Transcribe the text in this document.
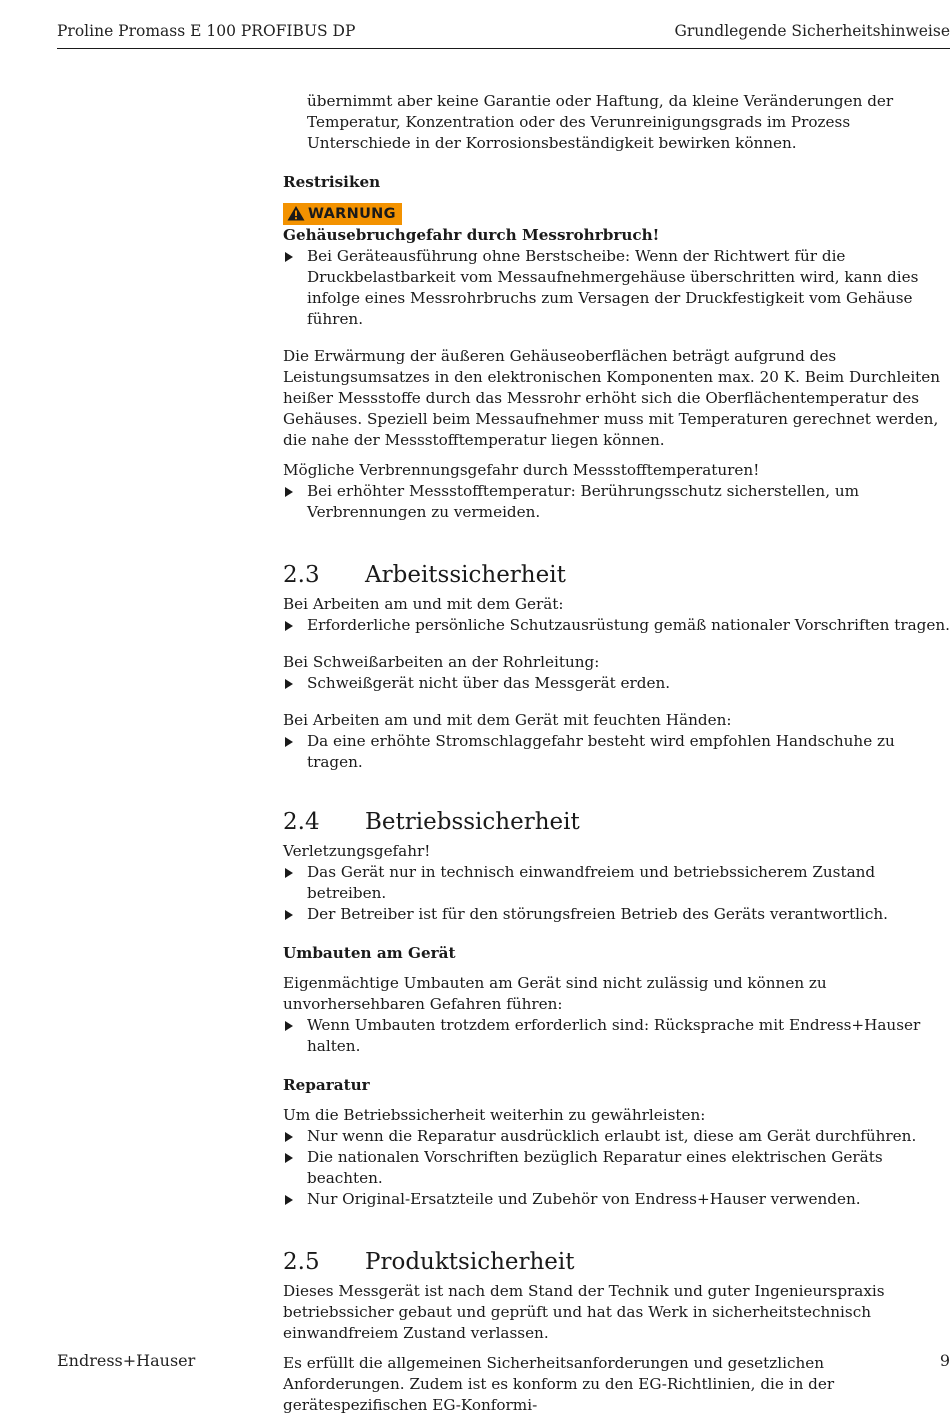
Proline Promass E 100 PROFIBUS DP	Grundlegende Sicherheitshinweise

übernimmt aber keine Garantie oder Haftung, da kleine Veränderungen der Temperatur, Konzentration oder des Verunreinigungsgrads im Prozess Unterschiede in der Korrosionsbeständigkeit bewirken können.

Restrisiken

WARNUNG

Gehäusebruchgefahr durch Messrohrbruch!

Bei Geräteausführung ohne Berstscheibe: Wenn der Richtwert für die Druckbelastbarkeit vom Messaufnehmergehäuse überschritten wird, kann dies infolge eines Messrohrbruchs zum Versagen der Druckfestigkeit vom Gehäuse führen.

Die Erwärmung der äußeren Gehäuseoberflächen beträgt aufgrund des Leistungsumsatzes in den elektronischen Komponenten max. 20 K. Beim Durchleiten heißer Messstoffe durch das Messrohr erhöht sich die Oberflächentemperatur des Gehäuses. Speziell beim Messaufnehmer muss mit Temperaturen gerechnet werden, die nahe der Messstofftemperatur liegen können.

Mögliche Verbrennungsgefahr durch Messstofftemperaturen!

Bei erhöhter Messstofftemperatur: Berührungsschutz sicherstellen, um Verbrennungen zu vermeiden.
2.3	Arbeitssicherheit

Bei Arbeiten am und mit dem Gerät:

Erforderliche persönliche Schutzausrüstung gemäß nationaler Vorschriften tragen.

Bei Schweißarbeiten an der Rohrleitung:

Schweißgerät nicht über das Messgerät erden.

Bei Arbeiten am und mit dem Gerät mit feuchten Händen:

Da eine erhöhte Stromschlaggefahr besteht wird empfohlen Handschuhe zu tragen.
2.4	Betriebssicherheit

Verletzungsgefahr!

Das Gerät nur in technisch einwandfreiem und betriebssicherem Zustand betreiben.
Der Betreiber ist für den störungsfreien Betrieb des Geräts verantwortlich.

Umbauten am Gerät

Eigenmächtige Umbauten am Gerät sind nicht zulässig und können zu unvorhersehbaren Gefahren führen:

Wenn Umbauten trotzdem erforderlich sind: Rücksprache mit Endress+Hauser halten.

Reparatur

Um die Betriebssicherheit weiterhin zu gewährleisten:

Nur wenn die Reparatur ausdrücklich erlaubt ist, diese am Gerät durchführen.
Die nationalen Vorschriften bezüglich Reparatur eines elektrischen Geräts beachten.
Nur Original-Ersatzteile und Zubehör von Endress+Hauser verwenden.
2.5	Produktsicherheit

Dieses Messgerät ist nach dem Stand der Technik und guter Ingenieurspraxis betriebssicher gebaut und geprüft und hat das Werk in sicherheitstechnisch einwandfreiem Zustand verlassen.

Es erfüllt die allgemeinen Sicherheitsanforderungen und gesetzlichen Anforderungen. Zudem ist es konform zu den EG-Richtlinien, die in der gerätespezifischen EG-Konformi-

Endress+Hauser	9
